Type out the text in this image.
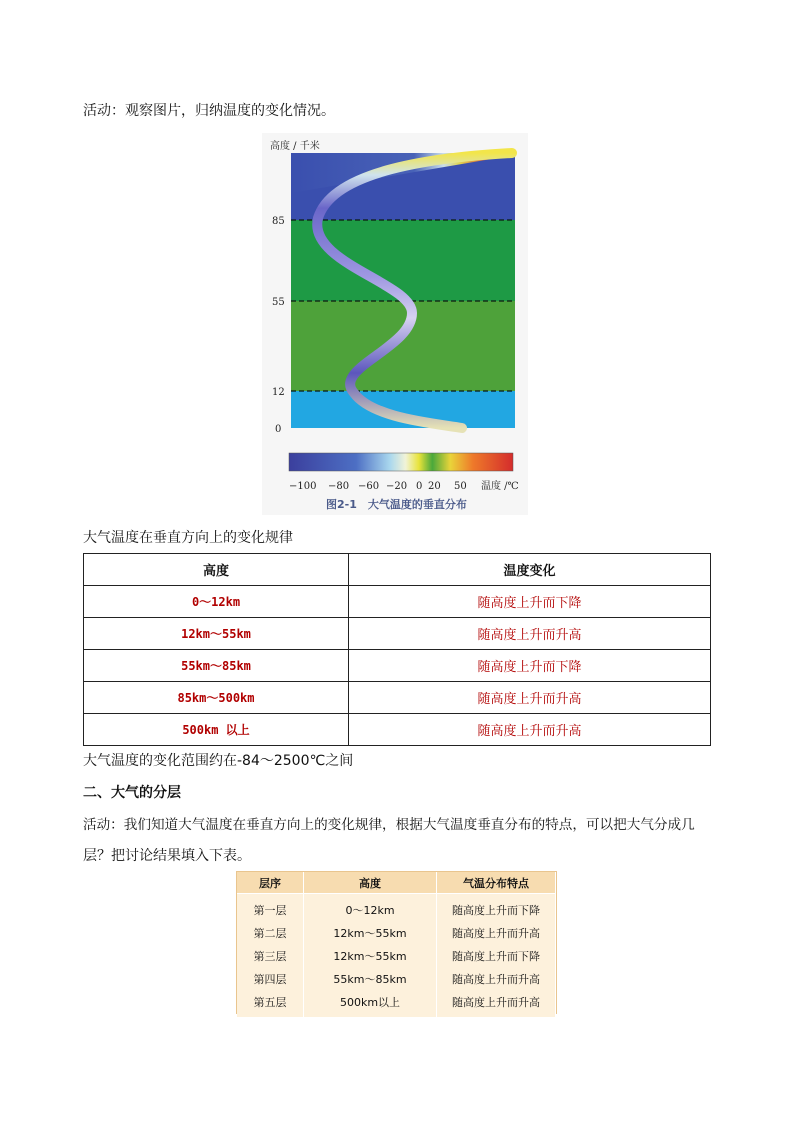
活动：观察图片，归纳温度的变化情况。
高度 / 千米
85
55
12
0
−100 −80 −60 −20 0 20 50 温度 /℃
图2-1　大气温度的垂直分布
大气温度在垂直方向上的变化规律
高度	温度变化
0～12km	随高度上升而下降
12km～55km	随高度上升而升高
55km～85km	随高度上升而下降
85km～500km	随高度上升而升高
500km 以上	随高度上升而升高
大气温度的变化范围约在-84～2500℃之间
二、大气的分层
活动：我们知道大气温度在垂直方向上的变化规律，根据大气温度垂直分布的特点，可以把大气分成几
层？把讨论结果填入下表。
层序	高度	气温分布特点
第一层	0～12km	随高度上升而下降
第二层	12km～55km	随高度上升而升高
第三层	12km～55km	随高度上升而下降
第四层	55km～85km	随高度上升而升高
第五层	500km以上	随高度上升而升高
